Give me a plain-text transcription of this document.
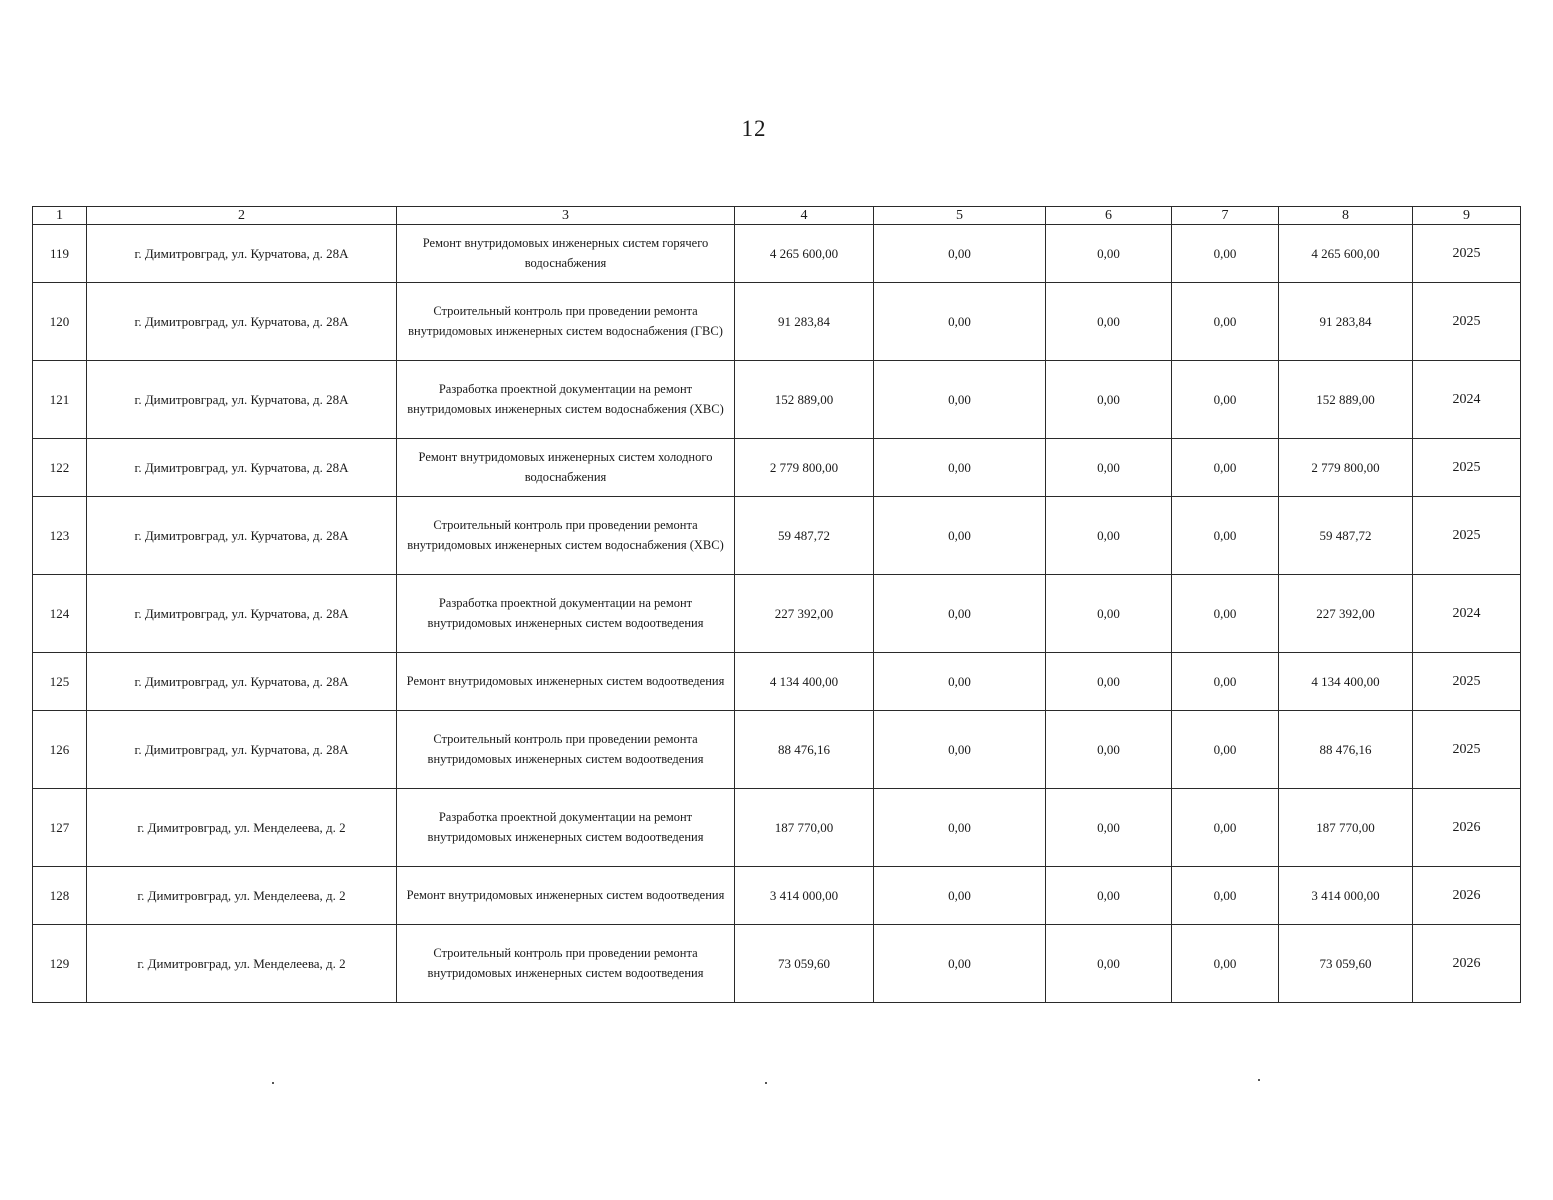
12
1	2	3	4	5	6	7	8	9
119	г. Димитровград, ул. Курчатова, д. 28А	Ремонт внутридомовых инженерных систем горячего водоснабжения	4 265 600,00	0,00	0,00	0,00	4 265 600,00	2025
120	г. Димитровград, ул. Курчатова, д. 28А	Строительный контроль при проведении ремонта внутридомовых инженерных систем водоснабжения (ГВС)	91 283,84	0,00	0,00	0,00	91 283,84	2025
121	г. Димитровград, ул. Курчатова, д. 28А	Разработка проектной документации на ремонт внутридомовых инженерных систем водоснабжения (ХВС)	152 889,00	0,00	0,00	0,00	152 889,00	2024
122	г. Димитровград, ул. Курчатова, д. 28А	Ремонт внутридомовых инженерных систем холодного водоснабжения	2 779 800,00	0,00	0,00	0,00	2 779 800,00	2025
123	г. Димитровград, ул. Курчатова, д. 28А	Строительный контроль при проведении ремонта внутридомовых инженерных систем водоснабжения (ХВС)	59 487,72	0,00	0,00	0,00	59 487,72	2025
124	г. Димитровград, ул. Курчатова, д. 28А	Разработка проектной документации на ремонт внутридомовых инженерных систем водоотведения	227 392,00	0,00	0,00	0,00	227 392,00	2024
125	г. Димитровград, ул. Курчатова, д. 28А	Ремонт внутридомовых инженерных систем водоотведения	4 134 400,00	0,00	0,00	0,00	4 134 400,00	2025
126	г. Димитровград, ул. Курчатова, д. 28А	Строительный контроль при проведении ремонта внутридомовых инженерных систем водоотведения	88 476,16	0,00	0,00	0,00	88 476,16	2025
127	г. Димитровград, ул. Менделеева, д. 2	Разработка проектной документации на ремонт внутридомовых инженерных систем водоотведения	187 770,00	0,00	0,00	0,00	187 770,00	2026
128	г. Димитровград, ул. Менделеева, д. 2	Ремонт внутридомовых инженерных систем водоотведения	3 414 000,00	0,00	0,00	0,00	3 414 000,00	2026
129	г. Димитровград, ул. Менделеева, д. 2	Строительный контроль при проведении ремонта внутридомовых инженерных систем водоотведения	73 059,60	0,00	0,00	0,00	73 059,60	2026
